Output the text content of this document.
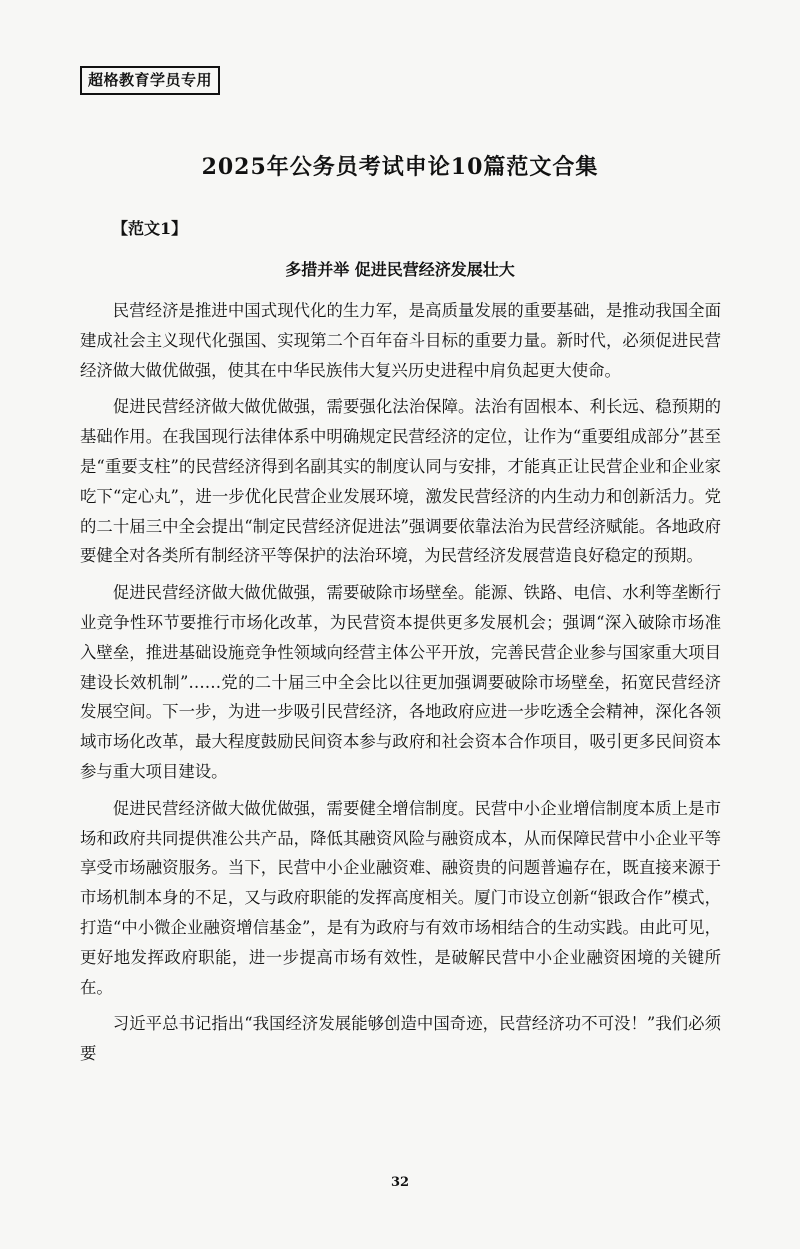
超格教育学员专用
2025年公务员考试申论10篇范文合集
【范文1】
多措并举 促进民营经济发展壮大

民营经济是推进中国式现代化的生力军，是高质量发展的重要基础，是推动我国全面建成社会主义现代化强国、实现第二个百年奋斗目标的重要力量。新时代，必须促进民营经济做大做优做强，使其在中华民族伟大复兴历史进程中肩负起更大使命。

促进民营经济做大做优做强，需要强化法治保障。法治有固根本、利长远、稳预期的基础作用。在我国现行法律体系中明确规定民营经济的定位，让作为“重要组成部分”甚至是“重要支柱”的民营经济得到名副其实的制度认同与安排，才能真正让民营企业和企业家吃下“定心丸”，进一步优化民营企业发展环境，激发民营经济的内生动力和创新活力。党的二十届三中全会提出“制定民营经济促进法”强调要依靠法治为民营经济赋能。各地政府要健全对各类所有制经济平等保护的法治环境，为民营经济发展营造良好稳定的预期。

促进民营经济做大做优做强，需要破除市场壁垒。能源、铁路、电信、水利等垄断行业竞争性环节要推行市场化改革，为民营资本提供更多发展机会；强调“深入破除市场准入壁垒，推进基础设施竞争性领域向经营主体公平开放，完善民营企业参与国家重大项目建设长效机制”……党的二十届三中全会比以往更加强调要破除市场壁垒，拓宽民营经济发展空间。下一步，为进一步吸引民营经济，各地政府应进一步吃透全会精神，深化各领域市场化改革，最大程度鼓励民间资本参与政府和社会资本合作项目，吸引更多民间资本参与重大项目建设。

促进民营经济做大做优做强，需要健全增信制度。民营中小企业增信制度本质上是市场和政府共同提供准公共产品，降低其融资风险与融资成本，从而保障民营中小企业平等享受市场融资服务。当下，民营中小企业融资难、融资贵的问题普遍存在，既直接来源于市场机制本身的不足，又与政府职能的发挥高度相关。厦门市设立创新“银政合作”模式，打造“中小微企业融资增信基金”，是有为政府与有效市场相结合的生动实践。由此可见，更好地发挥政府职能，进一步提高市场有效性，是破解民营中小企业融资困境的关键所在。

习近平总书记指出“我国经济发展能够创造中国奇迹，民营经济功不可没！”我们必须要

32
